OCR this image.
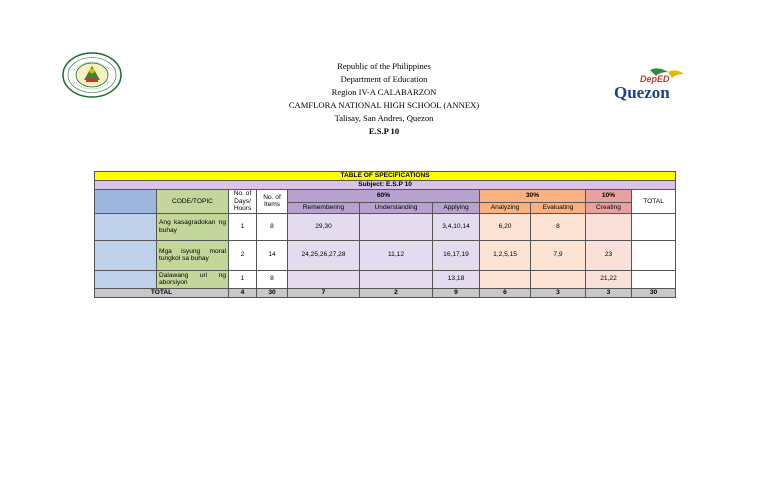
DepED
Quezon
Republic of the Philippines
Department of Education
Region IV-A CALABARZON
CAMFLORA NATIONAL HIGH SCHOOL (ANNEX)
Talisay, San Andres, Quezon
E.S.P 10
TABLE OF SPECIFICATIONS										
Subject: E.S.P 10										
	CODE/TOPIC	No. of Days/ Hours	No. of Items	60%			30%		10%	TOTAL
				Remembering	Understanding	Applying	Analyzing	Evaluating	Creating	
	Ang kasagradokan ng buhay	1	8	29,30		3,4,10,14	6,20	8		
	Mga isyung moral tungkol sa buhay	2	14	24,25,26,27,28	11,12	16,17,19	1,2,5,15	7,9	23	
	Dalawang uri ng aborsiyon	1	8			13,18			21,22	
TOTAL		4	30	7	2	9	6	3	3	30
